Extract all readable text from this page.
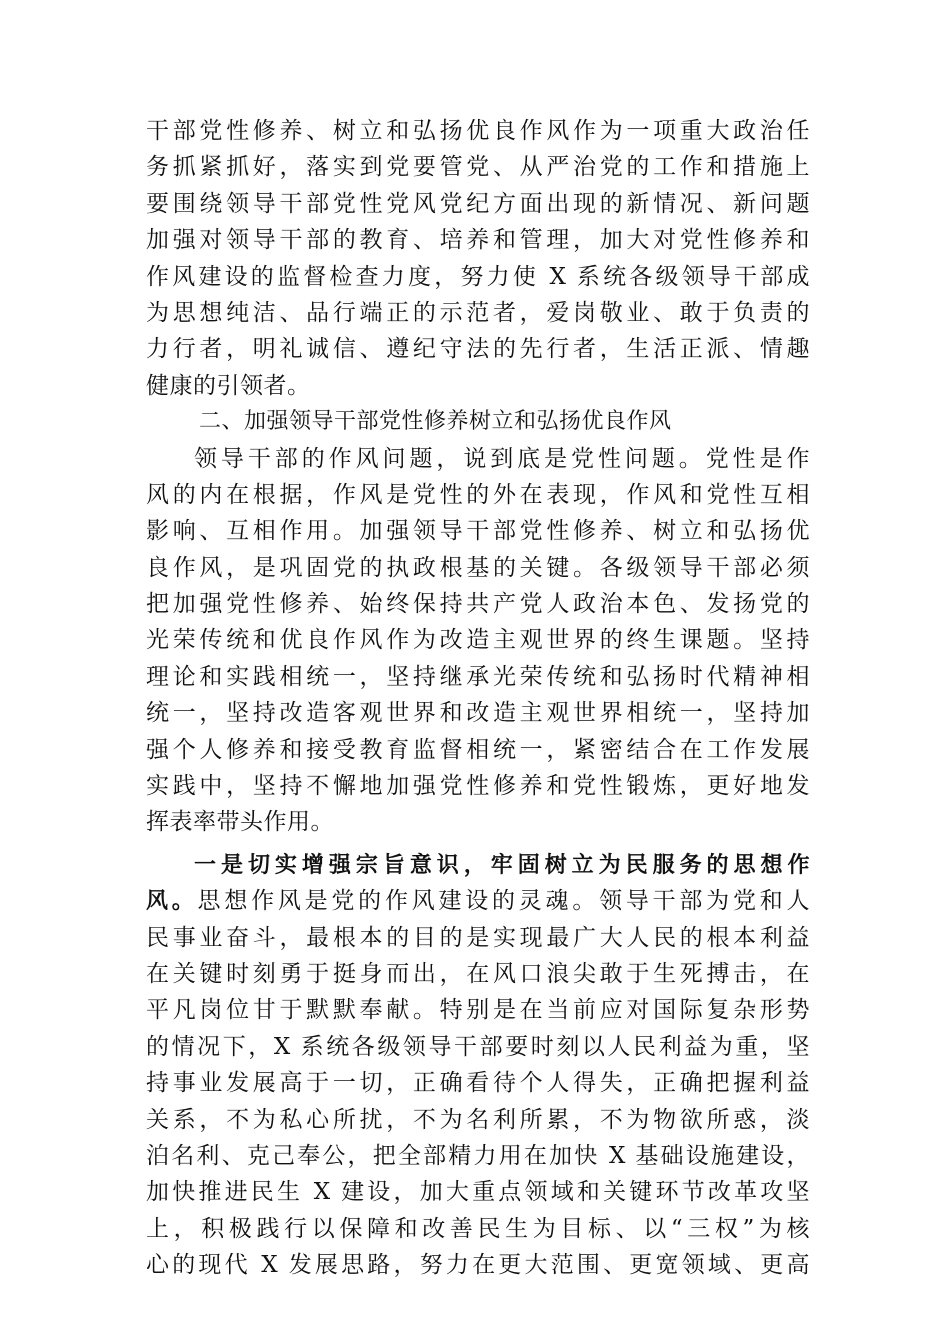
干部党性修养、树立和弘扬优良作风作为一项重大政治任
务抓紧抓好，落实到党要管党、从严治党的工作和措施上
要围绕领导干部党性党风党纪方面出现的新情况、新问题
加强对领导干部的教育、培养和管理，加大对党性修养和
作风建设的监督检查力度，努力使 X 系统各级领导干部成
为思想纯洁、品行端正的示范者，爱岗敬业、敢于负责的
力行者，明礼诚信、遵纪守法的先行者，生活正派、情趣
健康的引领者。
二、加强领导干部党性修养树立和弘扬优良作风
领导干部的作风问题，说到底是党性问题。党性是作
风的内在根据，作风是党性的外在表现，作风和党性互相
影响、互相作用。加强领导干部党性修养、树立和弘扬优
良作风，是巩固党的执政根基的关键。各级领导干部必须
把加强党性修养、始终保持共产党人政治本色、发扬党的
光荣传统和优良作风作为改造主观世界的终生课题。坚持
理论和实践相统一，坚持继承光荣传统和弘扬时代精神相
统一，坚持改造客观世界和改造主观世界相统一，坚持加
强个人修养和接受教育监督相统一，紧密结合在工作发展
实践中，坚持不懈地加强党性修养和党性锻炼，更好地发
挥表率带头作用。
一是切实增强宗旨意识，牢固树立为民服务的思想作
风。思想作风是党的作风建设的灵魂。领导干部为党和人
民事业奋斗，最根本的目的是实现最广大人民的根本利益
在关键时刻勇于挺身而出，在风口浪尖敢于生死搏击，在
平凡岗位甘于默默奉献。特别是在当前应对国际复杂形势
的情况下，X 系统各级领导干部要时刻以人民利益为重，坚
持事业发展高于一切，正确看待个人得失，正确把握利益
关系，不为私心所扰，不为名利所累，不为物欲所惑，淡
泊名利、克己奉公，把全部精力用在加快 X 基础设施建设，
加快推进民生 X 建设，加大重点领域和关键环节改革攻坚
上，积极践行以保障和改善民生为目标、以“三权”为核
心的现代 X 发展思路，努力在更大范围、更宽领域、更高
